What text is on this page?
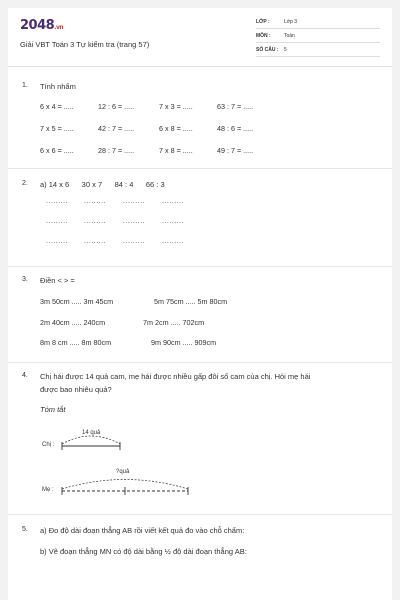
2048.vn
Giải VBT Toán 3 Tự kiểm tra (trang 57)
LỚP :	Lớp 3
MÔN :	Toán
SỐ CÂU : 5
1. Tính nhẩm
6 x 4 = .....	12 : 6 = .....	7 x 3 = .....	63 : 7 = .....
7 x 5 = .....	42 : 7 = .....	6 x 8 = .....	48 : 6 = .....
6 x 6 = .....	28 : 7 = .....	7 x 8 = .....	49 : 7 = .....
2. a) 14 x 6      30 x 7      84 : 4      66 : 3
......... ......... ......... .........
......... ......... ......... .........
......... ......... ......... .........
3. Điền < > =
3m 50cm ..... 3m 45cm	5m 75cm ..... 5m 80cm
2m 40cm ..... 240cm	7m 2cm ..... 702cm
8m 8 cm ..... 8m 80cm	9m 90cm ..... 909cm
4. Chị hái được 14 quả cam, mẹ hái được nhiều gấp đôi số cam của chị. Hỏi mẹ hái
được bao nhiêu quả?
Tóm tắt
Chị :
14 quả
Mẹ :
?quả
5. a) Đo độ dài đoạn thẳng AB rồi viết kết quả đo vào chỗ chấm:
b) Vẽ đoạn thẳng MN có độ dài bằng ½ độ dài đoạn thẳng AB:
